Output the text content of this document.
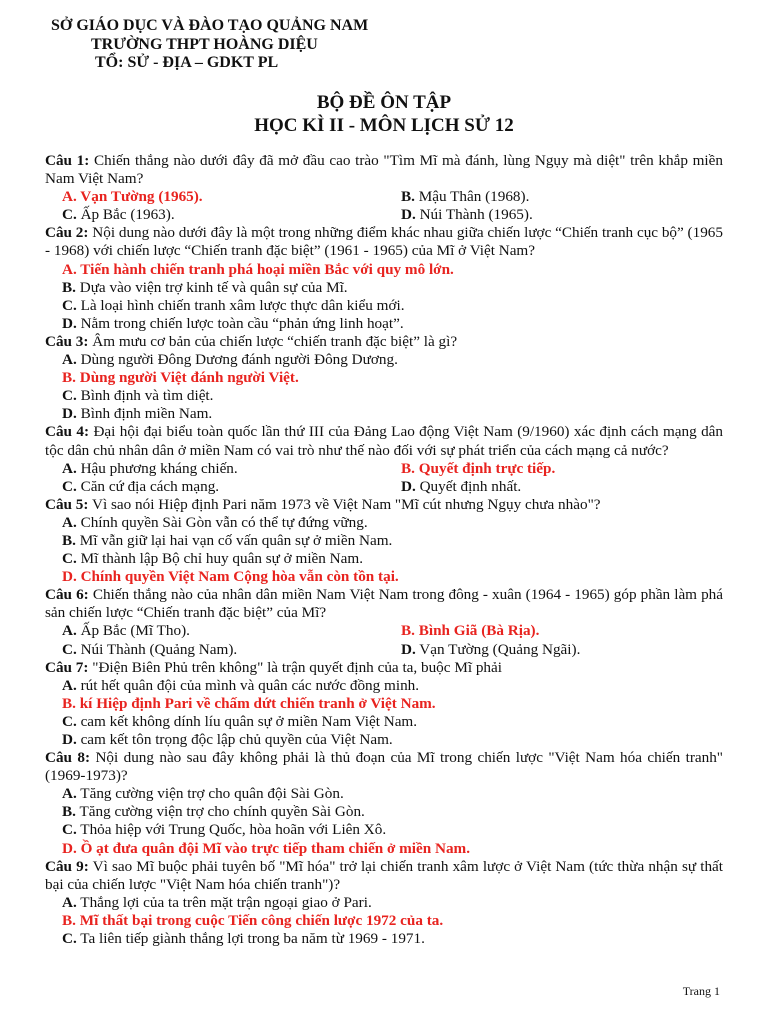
SỞ GIÁO DỤC VÀ ĐÀO TẠO QUẢNG NAM
TRƯỜNG THPT HOÀNG DIỆU
TỔ: SỬ - ĐỊA – GDKT PL
BỘ ĐỀ ÔN TẬP
HỌC KÌ II - MÔN LỊCH SỬ 12
Câu 1: Chiến thắng nào dưới đây đã mở đầu cao trào "Tìm Mĩ mà đánh, lùng Ngụy mà diệt" trên khắp miền Nam Việt Nam?
A. Vạn Tường (1965).	B. Mậu Thân (1968).
C. Ấp Bắc (1963).	D. Núi Thành (1965).
Câu 2: Nội dung nào dưới đây là một trong những điểm khác nhau giữa chiến lược “Chiến tranh cục bộ” (1965 - 1968) với chiến lược “Chiến tranh đặc biệt” (1961 - 1965) của Mĩ ở Việt Nam?
A. Tiến hành chiến tranh phá hoại miền Bắc với quy mô lớn.
B. Dựa vào viện trợ kinh tế và quân sự của Mĩ.
C. Là loại hình chiến tranh xâm lược thực dân kiểu mới.
D. Nằm trong chiến lược toàn cầu “phản ứng linh hoạt”.
Câu 3: Âm mưu cơ bản của chiến lược “chiến tranh đặc biệt” là gì?
A. Dùng người Đông Dương đánh người Đông Dương.
B. Dùng người Việt đánh người Việt.
C. Bình định và tìm diệt.
D. Bình định miền Nam.
Câu 4: Đại hội đại biểu toàn quốc lần thứ III của Đảng Lao động Việt Nam (9/1960) xác định cách mạng dân tộc dân chủ nhân dân ở miền Nam có vai trò như thế nào đối với sự phát triển của cách mạng cả nước?
A. Hậu phương kháng chiến.	B. Quyết định trực tiếp.
C. Căn cứ địa cách mạng.	D. Quyết định nhất.
Câu 5: Vì sao nói Hiệp định Pari năm 1973 về Việt Nam "Mĩ cút nhưng Ngụy chưa nhào"?
A. Chính quyền Sài Gòn vẫn có thể tự đứng vững.
B. Mĩ vẫn giữ lại hai vạn cố vấn quân sự ở miền Nam.
C. Mĩ thành lập Bộ chỉ huy quân sự ở miền Nam.
D. Chính quyền Việt Nam Cộng hòa vẫn còn tồn tại.
Câu 6: Chiến thắng nào của nhân dân miền Nam Việt Nam trong đông - xuân (1964 - 1965) góp phần làm phá sản chiến lược “Chiến tranh đặc biệt” của Mĩ?
A. Ấp Bắc (Mĩ Tho).	B. Bình Giã (Bà Rịa).
C. Núi Thành (Quảng Nam).	D. Vạn Tường (Quảng Ngãi).
Câu 7: "Điện Biên Phủ trên không" là trận quyết định của ta, buộc Mĩ phải
A. rút hết quân đội của mình và quân các nước đồng minh.
B. kí Hiệp định Pari về chấm dứt chiến tranh ở Việt Nam.
C. cam kết không dính líu quân sự ở miền Nam Việt Nam.
D. cam kết tôn trọng độc lập chủ quyền của Việt Nam.
Câu 8: Nội dung nào sau đây không phải là thủ đoạn của Mĩ trong chiến lược "Việt Nam hóa chiến tranh" (1969-1973)?
A. Tăng cường viện trợ cho quân đội Sài Gòn.
B. Tăng cường viện trợ cho chính quyền Sài Gòn.
C. Thỏa hiệp với Trung Quốc, hòa hoãn với Liên Xô.
D. Ồ ạt đưa quân đội Mĩ vào trực tiếp tham chiến ở miền Nam.
Câu 9: Vì sao Mĩ buộc phải tuyên bố "Mĩ hóa" trở lại chiến tranh xâm lược ở Việt Nam (tức thừa nhận sự thất bại của chiến lược "Việt Nam hóa chiến tranh")?
A. Thắng lợi của ta trên mặt trận ngoại giao ở Pari.
B. Mĩ thất bại trong cuộc Tiến công chiến lược 1972 của ta.
C. Ta liên tiếp giành thắng lợi trong ba năm từ 1969 - 1971.
Trang 1
